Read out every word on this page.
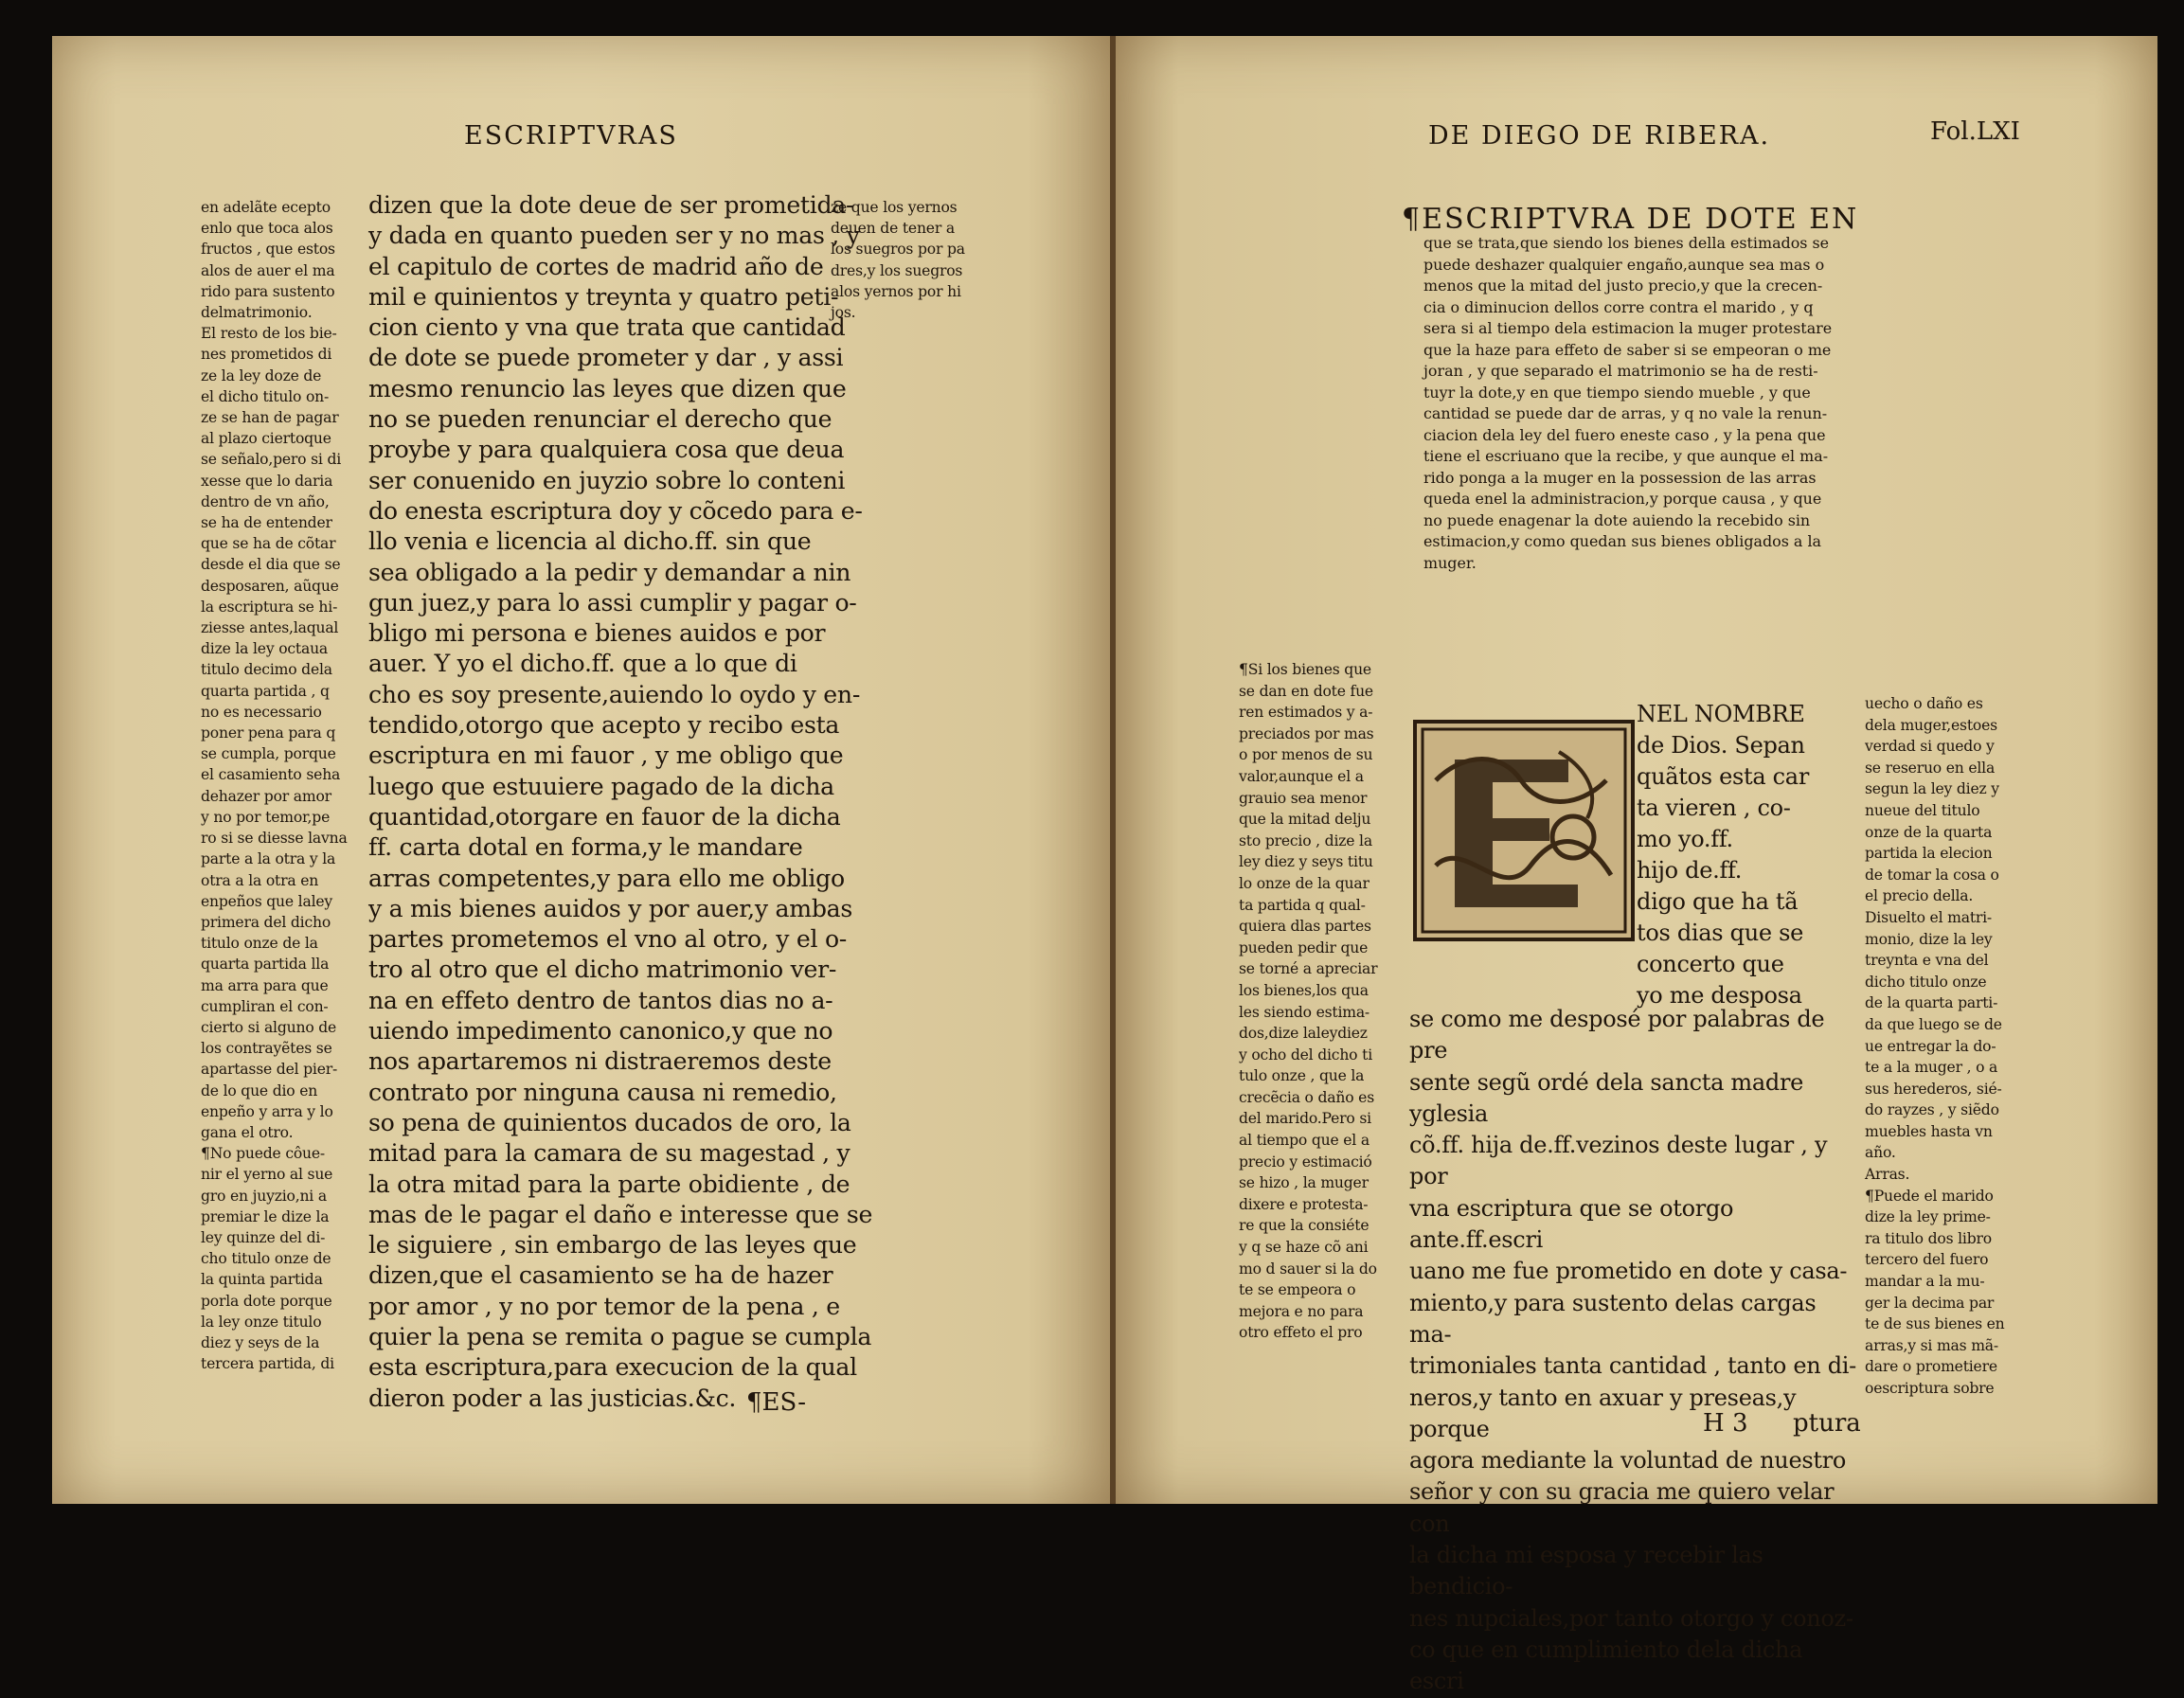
ESCRIPTVRAS
en adelãte ecepto
enlo que toca alos
fructos , que estos
alos de auer el ma
rido para sustento
delmatrimonio.
El resto de los bie-
nes prometidos di
ze la ley doze de
el dicho titulo on-
ze se han de pagar
al plazo ciertoque
se señalo,pero si di
xesse que lo daria
dentro de vn año,
se ha de entender
que se ha de cõtar
desde el dia que se
desposaren, aũque
la escriptura se hi-
ziesse antes,laqual
dize la ley octaua
titulo decimo dela
quarta partida , q
no es necessario
poner pena para q
se cumpla, porque
el casamiento seha
dehazer por amor
y no por temor,pe
ro si se diesse lavna
parte a la otra y la
otra a la otra en
enpeños que laley
primera del dicho
titulo onze de la
quarta partida lla
ma arra para que
cumpliran el con-
cierto si alguno de
los contrayẽtes se
apartasse del pier-
de lo que dio en
enpeño y arra y lo
gana el otro.
¶No puede côue-
nir el yerno al sue
gro en juyzio,ni a
premiar le dize la
ley quinze del di-
cho titulo onze de
la quinta partida
porla dote porque
la ley onze titulo
diez y seys de la
tercera partida, di
dizen que la dote deue de ser prometida-
y dada en quanto pueden ser y no mas , y
el capitulo de cortes de madrid año de
mil e quinientos y treynta y quatro peti-
cion ciento y vna que trata que cantidad
de dote se puede prometer y dar , y assi
mesmo renuncio las leyes que dizen que
no se pueden renunciar el derecho que
proybe y para qualquiera cosa que deua
ser conuenido en juyzio sobre lo conteni
do enesta escriptura doy y cõcedo para e-
llo venia e licencia al dicho.ff. sin que
sea obligado a la pedir y demandar a nin
gun juez,y para lo assi cumplir y pagar o-
bligo mi persona e bienes auidos e por
auer. Y yo el dicho.ff. que a lo que di
cho es soy presente,auiendo lo oydo y en-
tendido,otorgo que acepto y recibo esta
escriptura en mi fauor , y me obligo que
luego que estuuiere pagado de la dicha
quantidad,otorgare en fauor de la dicha
ff. carta dotal en forma,y le mandare
arras competentes,y para ello me obligo
y a mis bienes auidos y por auer,y ambas
partes prometemos el vno al otro, y el o-
tro al otro que el dicho matrimonio ver-
na en effeto dentro de tantos dias no a-
uiendo impedimento canonico,y que no
nos apartaremos ni distraeremos deste
contrato por ninguna causa ni remedio,
so pena de quinientos ducados de oro, la
mitad para la camara de su magestad , y
la otra mitad para la parte obidiente , de
mas de le pagar el daño e interesse que se
le siguiere , sin embargo de las leyes que
dizen,que el casamiento se ha de hazer
por amor , y no por temor de la pena , e
quier la pena se remita o pague se cumpla
esta escriptura,para execucion de la qual
dieron poder a las justicias.&c.
ze que los yernos
deuen de tener a
los suegros por pa
dres,y los suegros
alos yernos por hi
jos.
¶ES-
DE DIEGO DE RIBERA.	Fol.LXI
¶ESCRIPTVRA DE DOTE EN
que se trata,que siendo los bienes della estimados se
puede deshazer qualquier engaño,aunque sea mas o
menos que la mitad del justo precio,y que la crecen-
cia o diminucion dellos corre contra el marido , y q
sera si al tiempo dela estimacion la muger protestare
que la haze para effeto de saber si se empeoran o me
joran , y que separado el matrimonio se ha de resti-
tuyr la dote,y en que tiempo siendo mueble , y que
cantidad se puede dar de arras, y q no vale la renun-
ciacion dela ley del fuero eneste caso , y la pena que
tiene el escriuano que la recibe, y que aunque el ma-
rido ponga a la muger en la possession de las arras
queda enel la administracion,y porque causa , y que
no puede enagenar la dote auiendo la recebido sin
estimacion,y como quedan sus bienes obligados a la
muger.
¶Si los bienes que
se dan en dote fue
ren estimados y a-
preciados por mas
o por menos de su
valor,aunque el a
grauio sea menor
que la mitad delju
sto precio , dize la
ley diez y seys titu
lo onze de la quar
ta partida q qual-
quiera dlas partes
pueden pedir que
se torné a apreciar
los bienes,los qua
les siendo estima-
dos,dize laleydiez
y ocho del dicho ti
tulo onze , que la
crecẽcia o daño es
del marido.Pero si
al tiempo que el a
precio y estimació
se hizo , la muger
dixere e protesta-
re que la consiéte
y q se haze cõ ani
mo d sauer si la do
te se empeora o
mejora e no para
otro effeto el pro
NEL NOMBRE
de Dios. Sepan
quãtos esta car
ta vieren , co-
mo yo.ff.
hijo de.ff.
digo que ha tã
tos dias que se
concerto que
yo me desposa
se como me desposé por palabras de pre
sente segũ ordé dela sancta madre yglesia
cõ.ff. hija de.ff.vezinos deste lugar , y por
vna escriptura que se otorgo ante.ff.escri
uano me fue prometido en dote y casa-
miento,y para sustento delas cargas ma-
trimoniales tanta cantidad , tanto en di-
neros,y tanto en axuar y preseas,y porque
agora mediante la voluntad de nuestro
señor y con su gracia me quiero velar con
la dicha mi esposa y recebir las bendicio-
nes nupciales,por tanto otorgo y conoz-
co que en cumplimiento dela dicha escri
H 3 ptura
uecho o daño es
dela muger,estoes
verdad si quedo y
se reseruo en ella
segun la ley diez y
nueue del titulo
onze de la quarta
partida la elecion
de tomar la cosa o
el precio della.
Disuelto el matri-
monio, dize la ley
treynta e vna del
dicho titulo onze
de la quarta parti-
da que luego se de
ue entregar la do-
te a la muger , o a
sus herederos, sié-
do rayzes , y siẽdo
muebles hasta vn
año.
Arras.
¶Puede el marido
dize la ley prime-
ra titulo dos libro
tercero del fuero
mandar a la mu-
ger la decima par
te de sus bienes en
arras,y si mas mã-
dare o prometiere
oescriptura sobre
